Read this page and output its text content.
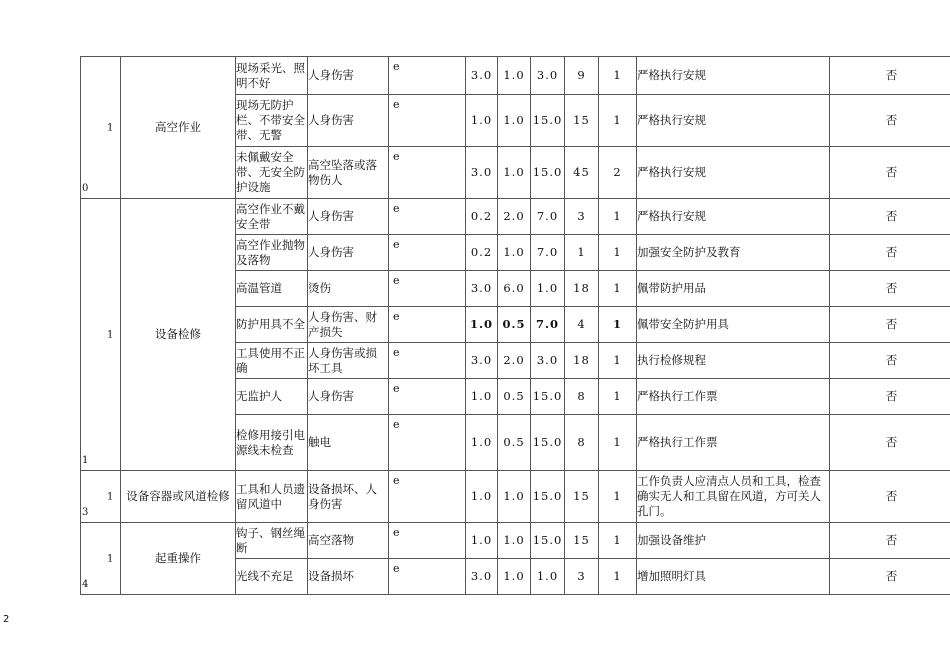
1
0	高空作业	现场采光、照明不好	人身伤害	e	3.0	1.0	3.0	9	1	严格执行安规	否
		现场无防护栏、不带安全带、无警	人身伤害	e	1.0	1.0	15.0	15	1	严格执行安规	否
		未佩戴安全带、无安全防护设施	高空坠落或落物伤人	e	3.0	1.0	15.0	45	2	严格执行安规	否

1
1	设备检修	高空作业不戴安全带	人身伤害	e	0.2	2.0	7.0	3	1	严格执行安规	否
		高空作业抛物及落物	人身伤害	e	0.2	1.0	7.0	1	1	加强安全防护及教育	否
		高温管道	烫伤	e	3.0	6.0	1.0	18	1	佩带防护用品	否
		防护用具不全	人身伤害、财产损失	e	1.0	0.5	7.0	4	1	佩带安全防护用具	否
		工具使用不正确	人身伤害或损坏工具	e	3.0	2.0	3.0	18	1	执行检修规程	否
		无监护人	人身伤害	e	1.0	0.5	15.0	8	1	严格执行工作票	否
		检修用接引电源线未检查	触电	e	1.0	0.5	15.0	8	1	严格执行工作票	否

1
3	设备容器或风道检修	工具和人员遗留风道中	设备损坏、人身伤害	e	1.0	1.0	15.0	15	1	工作负责人应清点人员和工具，检查确实无人和工具留在风道，方可关人孔门。	否

1
4	起重操作	钩子、钢丝绳断	高空落物	e	1.0	1.0	15.0	15	1	加强设备维护	否
		光线不充足	设备损坏	e	3.0	1.0	1.0	3	1	增加照明灯具	否
2
